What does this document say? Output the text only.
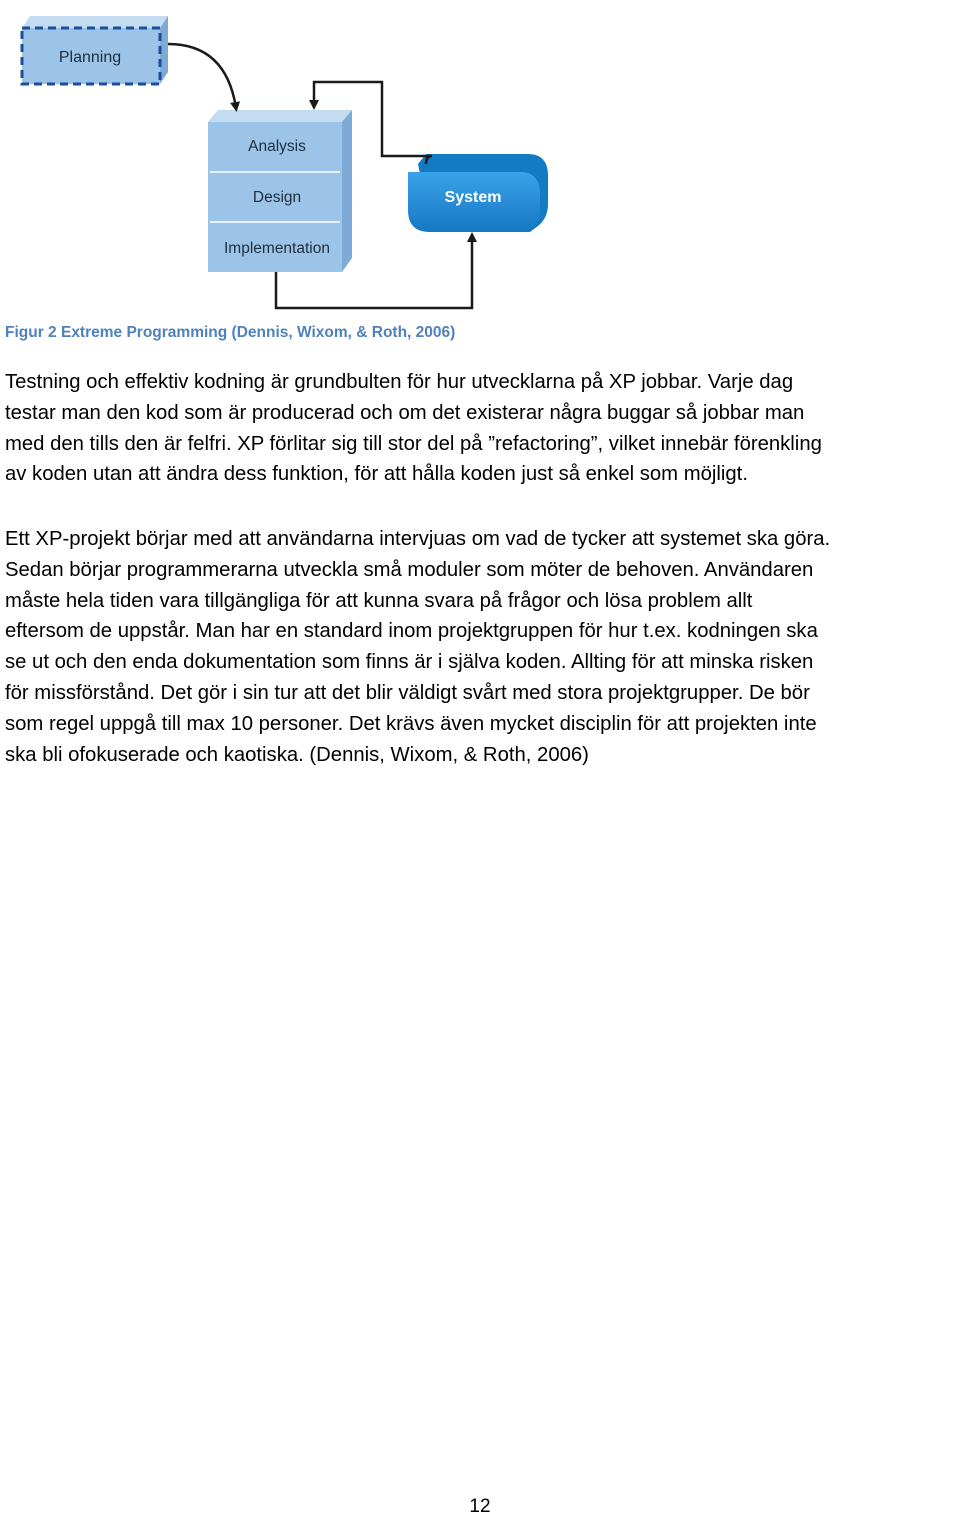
Planning
Analysis
Design
Implementation
System
Figur 2 Extreme Programming (Dennis, Wixom, & Roth, 2006)

Testning och effektiv kodning är grundbulten för hur utvecklarna på XP jobbar. Varje dag
testar man den kod som är producerad och om det existerar några buggar så jobbar man
med den tills den är felfri. XP förlitar sig till stor del på ”refactoring”, vilket innebär förenkling
av koden utan att ändra dess funktion, för att hålla koden just så enkel som möjligt.

Ett XP-projekt börjar med att användarna intervjuas om vad de tycker att systemet ska göra.
Sedan börjar programmerarna utveckla små moduler som möter de behoven. Användaren
måste hela tiden vara tillgängliga för att kunna svara på frågor och lösa problem allt
eftersom de uppstår. Man har en standard inom projektgruppen för hur t.ex. kodningen ska
se ut och den enda dokumentation som finns är i själva koden. Allting för att minska risken
för missförstånd. Det gör i sin tur att det blir väldigt svårt med stora projektgrupper. De bör
som regel uppgå till max 10 personer. Det krävs även mycket disciplin för att projekten inte
ska bli ofokuserade och kaotiska. (Dennis, Wixom, & Roth, 2006)

12
